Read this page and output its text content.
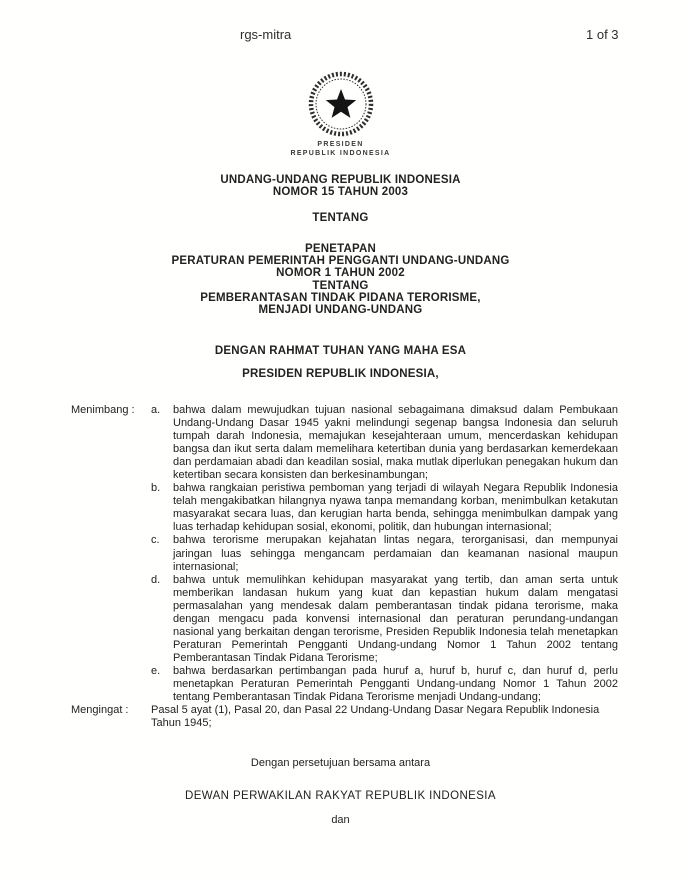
rgs-mitra	1 of 3
PRESIDEN
REPUBLIK INDONESIA
UNDANG-UNDANG REPUBLIK INDONESIA
NOMOR 15 TAHUN 2003
TENTANG
PENETAPAN
PERATURAN PEMERINTAH PENGGANTI UNDANG-UNDANG
NOMOR 1 TAHUN 2002
TENTANG
PEMBERANTASAN TINDAK PIDANA TERORISME,
MENJADI UNDANG-UNDANG
DENGAN RAHMAT TUHAN YANG MAHA ESA
PRESIDEN REPUBLIK INDONESIA,
Menimbang :	a.	bahwa dalam mewujudkan tujuan nasional sebagaimana dimaksud dalam Pembukaan Undang-Undang Dasar 1945 yakni melindungi segenap bangsa Indonesia dan seluruh tumpah darah Indonesia, memajukan kesejahteraan umum, mencerdaskan kehidupan bangsa dan ikut serta dalam memelihara ketertiban dunia yang berdasarkan kemerdekaan dan perdamaian abadi dan keadilan sosial, maka mutlak diperlukan penegakan hukum dan ketertiban secara konsisten dan berkesinambungan;
b.	bahwa rangkaian peristiwa pemboman yang terjadi di wilayah Negara Republik Indonesia telah mengakibatkan hilangnya nyawa tanpa memandang korban, menimbulkan ketakutan masyarakat secara luas, dan kerugian harta benda, sehingga menimbulkan dampak yang luas terhadap kehidupan sosial, ekonomi, politik, dan hubungan internasional;
c.	bahwa terorisme merupakan kejahatan lintas negara, terorganisasi, dan mempunyai jaringan luas sehingga mengancam perdamaian dan keamanan nasional maupun internasional;
d.	bahwa untuk memulihkan kehidupan masyarakat yang tertib, dan aman serta untuk memberikan landasan hukum yang kuat dan kepastian hukum dalam mengatasi permasalahan yang mendesak dalam pemberantasan tindak pidana terorisme, maka dengan mengacu pada konvensi internasional dan peraturan perundang-undangan nasional yang berkaitan dengan terorisme, Presiden Republik Indonesia telah menetapkan Peraturan Pemerintah Pengganti Undang-undang Nomor 1 Tahun 2002 tentang Pemberantasan Tindak Pidana Terorisme;
e.	bahwa berdasarkan pertimbangan pada huruf a, huruf b, huruf c, dan huruf d, perlu menetapkan Peraturan Pemerintah Pengganti Undang-undang Nomor 1 Tahun 2002 tentang Pemberantasan Tindak Pidana Terorisme menjadi Undang-undang;
Mengingat :	Pasal 5 ayat (1), Pasal 20, dan Pasal 22 Undang-Undang Dasar Negara Republik Indonesia Tahun 1945;
Dengan persetujuan bersama antara
DEWAN PERWAKILAN RAKYAT REPUBLIK INDONESIA
dan
